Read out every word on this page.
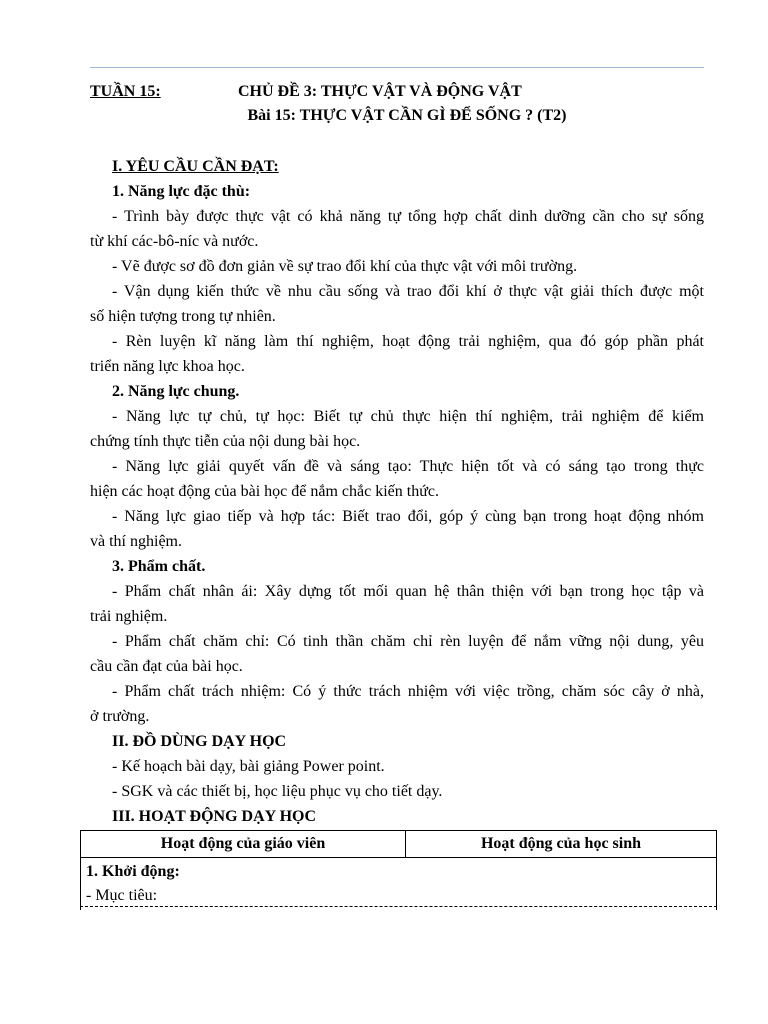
TUẦN 15:	CHỦ ĐỀ 3: THỰC VẬT VÀ ĐỘNG VẬT
Bài 15: THỰC VẬT CẦN GÌ ĐỂ SỐNG ? (T2)
I. YÊU CẦU CẦN ĐẠT:
1. Năng lực đặc thù:
- Trình bày được thực vật có khả năng tự tổng hợp chất dinh dưỡng cần cho sự sống
từ khí các-bô-níc và nước.
- Vẽ được sơ đồ đơn giản về sự trao đổi khí của thực vật với môi trường.
- Vận dụng kiến thức về nhu cầu sống và trao đổi khí ở thực vật giải thích được một
số hiện tượng trong tự nhiên.
- Rèn luyện kĩ năng làm thí nghiệm, hoạt động trải nghiệm, qua đó góp phần phát
triển năng lực khoa học.
2. Năng lực chung.
- Năng lực tự chủ, tự học: Biết tự chủ thực hiện thí nghiệm, trải nghiệm để kiểm
chứng tính thực tiễn của nội dung bài học.
- Năng lực giải quyết vấn đề và sáng tạo: Thực hiện tốt và có sáng tạo trong thực
hiện các hoạt động của bài học để nắm chắc kiến thức.
- Năng lực giao tiếp và hợp tác: Biết trao đổi, góp ý cùng bạn trong hoạt động nhóm
và thí nghiệm.
3. Phẩm chất.
- Phẩm chất nhân ái: Xây dựng tốt mối quan hệ thân thiện với bạn trong học tập và
trải nghiệm.
- Phẩm chất chăm chỉ: Có tinh thần chăm chỉ rèn luyện để nắm vững nội dung, yêu
cầu cần đạt của bài học.
- Phẩm chất trách nhiệm: Có ý thức trách nhiệm với việc trồng, chăm sóc cây ở nhà,
ở trường.
II. ĐỒ DÙNG DẠY HỌC
- Kế hoạch bài dạy, bài giảng Power point.
- SGK và các thiết bị, học liệu phục vụ cho tiết dạy.
III. HOẠT ĐỘNG DẠY HỌC
Hoạt động của giáo viên	Hoạt động của học sinh

1. Khởi động:
- Mục tiêu:
